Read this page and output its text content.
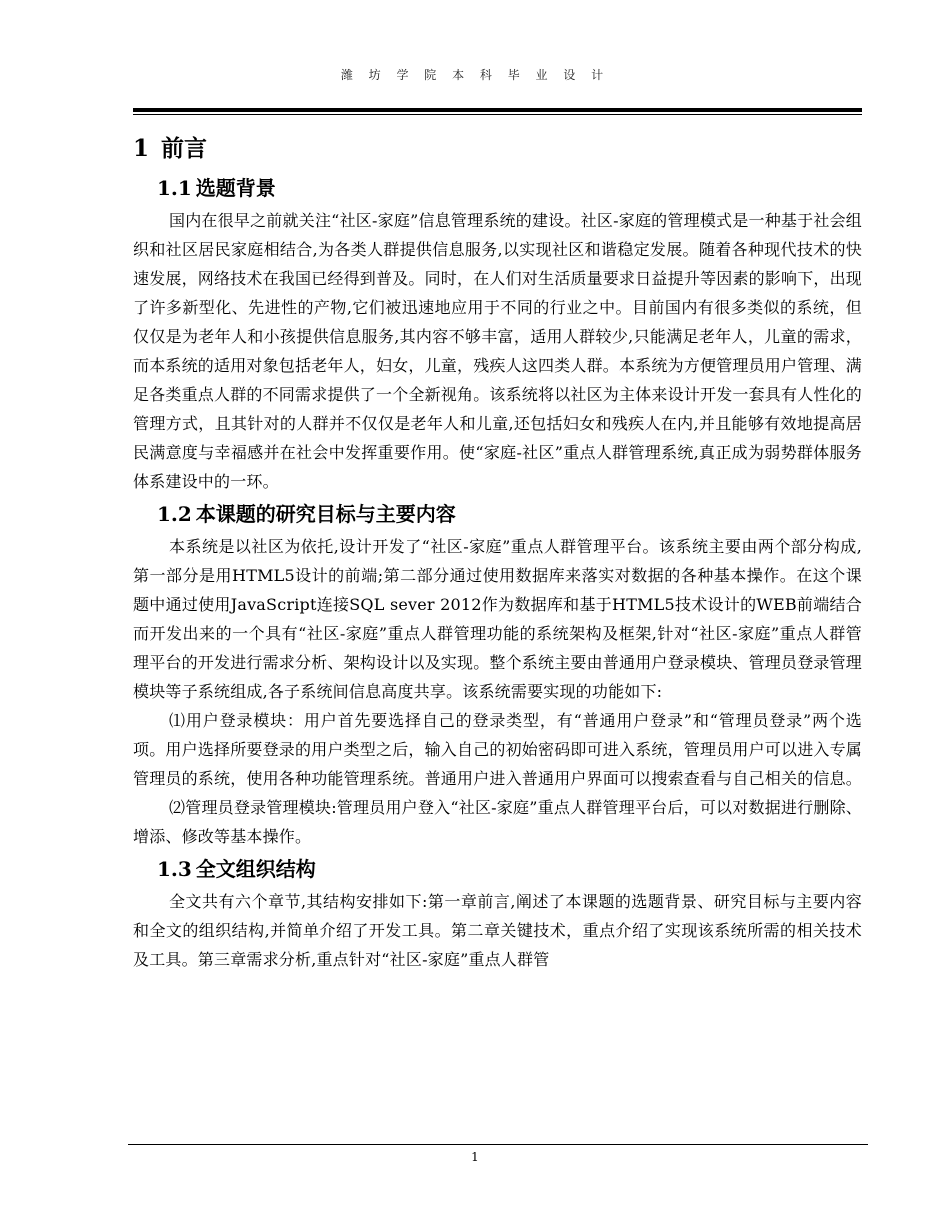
潍 坊 学 院 本 科 毕 业 设 计
1 前言
1.1 选题背景

国内在很早之前就关注“社区-家庭”信息管理系统的建设。社区-家庭的管理模式是一种基于社会组织和社区居民家庭相结合,为各类人群提供信息服务,以实现社区和谐稳定发展。随着各种现代技术的快速发展，网络技术在我国已经得到普及。同时，在人们对生活质量要求日益提升等因素的影响下，出现了许多新型化、先进性的产物,它们被迅速地应用于不同的行业之中。目前国内有很多类似的系统，但仅仅是为老年人和小孩提供信息服务,其内容不够丰富，适用人群较少,只能满足老年人，儿童的需求，而本系统的适用对象包括老年人，妇女，儿童，残疾人这四类人群。本系统为方便管理员用户管理、满足各类重点人群的不同需求提供了一个全新视角。该系统将以社区为主体来设计开发一套具有人性化的管理方式，且其针对的人群并不仅仅是老年人和儿童,还包括妇女和残疾人在内,并且能够有效地提高居民满意度与幸福感并在社会中发挥重要作用。使“家庭-社区”重点人群管理系统,真正成为弱势群体服务体系建设中的一环。

1.2 本课题的研究目标与主要内容

本系统是以社区为依托,设计开发了“社区-家庭”重点人群管理平台。该系统主要由两个部分构成,第一部分是用HTML5设计的前端;第二部分通过使用数据库来落实对数据的各种基本操作。在这个课题中通过使用JavaScript连接SQL sever 2012作为数据库和基于HTML5技术设计的WEB前端结合而开发出来的一个具有“社区-家庭”重点人群管理功能的系统架构及框架,针对“社区-家庭”重点人群管理平台的开发进行需求分析、架构设计以及实现。整个系统主要由普通用户登录模块、管理员登录管理模块等子系统组成,各子系统间信息高度共享。该系统需要实现的功能如下:

⑴用户登录模块：用户首先要选择自己的登录类型，有“普通用户登录”和“管理员登录”两个选项。用户选择所要登录的用户类型之后，输入自己的初始密码即可进入系统，管理员用户可以进入专属管理员的系统，使用各种功能管理系统。普通用户进入普通用户界面可以搜索查看与自己相关的信息。

⑵管理员登录管理模块:管理员用户登入“社区-家庭”重点人群管理平台后，可以对数据进行删除、增添、修改等基本操作。

1.3 全文组织结构

全文共有六个章节,其结构安排如下:第一章前言,阐述了本课题的选题背景、研究目标与主要内容和全文的组织结构,并简单介绍了开发工具。第二章关键技术，重点介绍了实现该系统所需的相关技术及工具。第三章需求分析,重点针对“社区-家庭”重点人群管

1
